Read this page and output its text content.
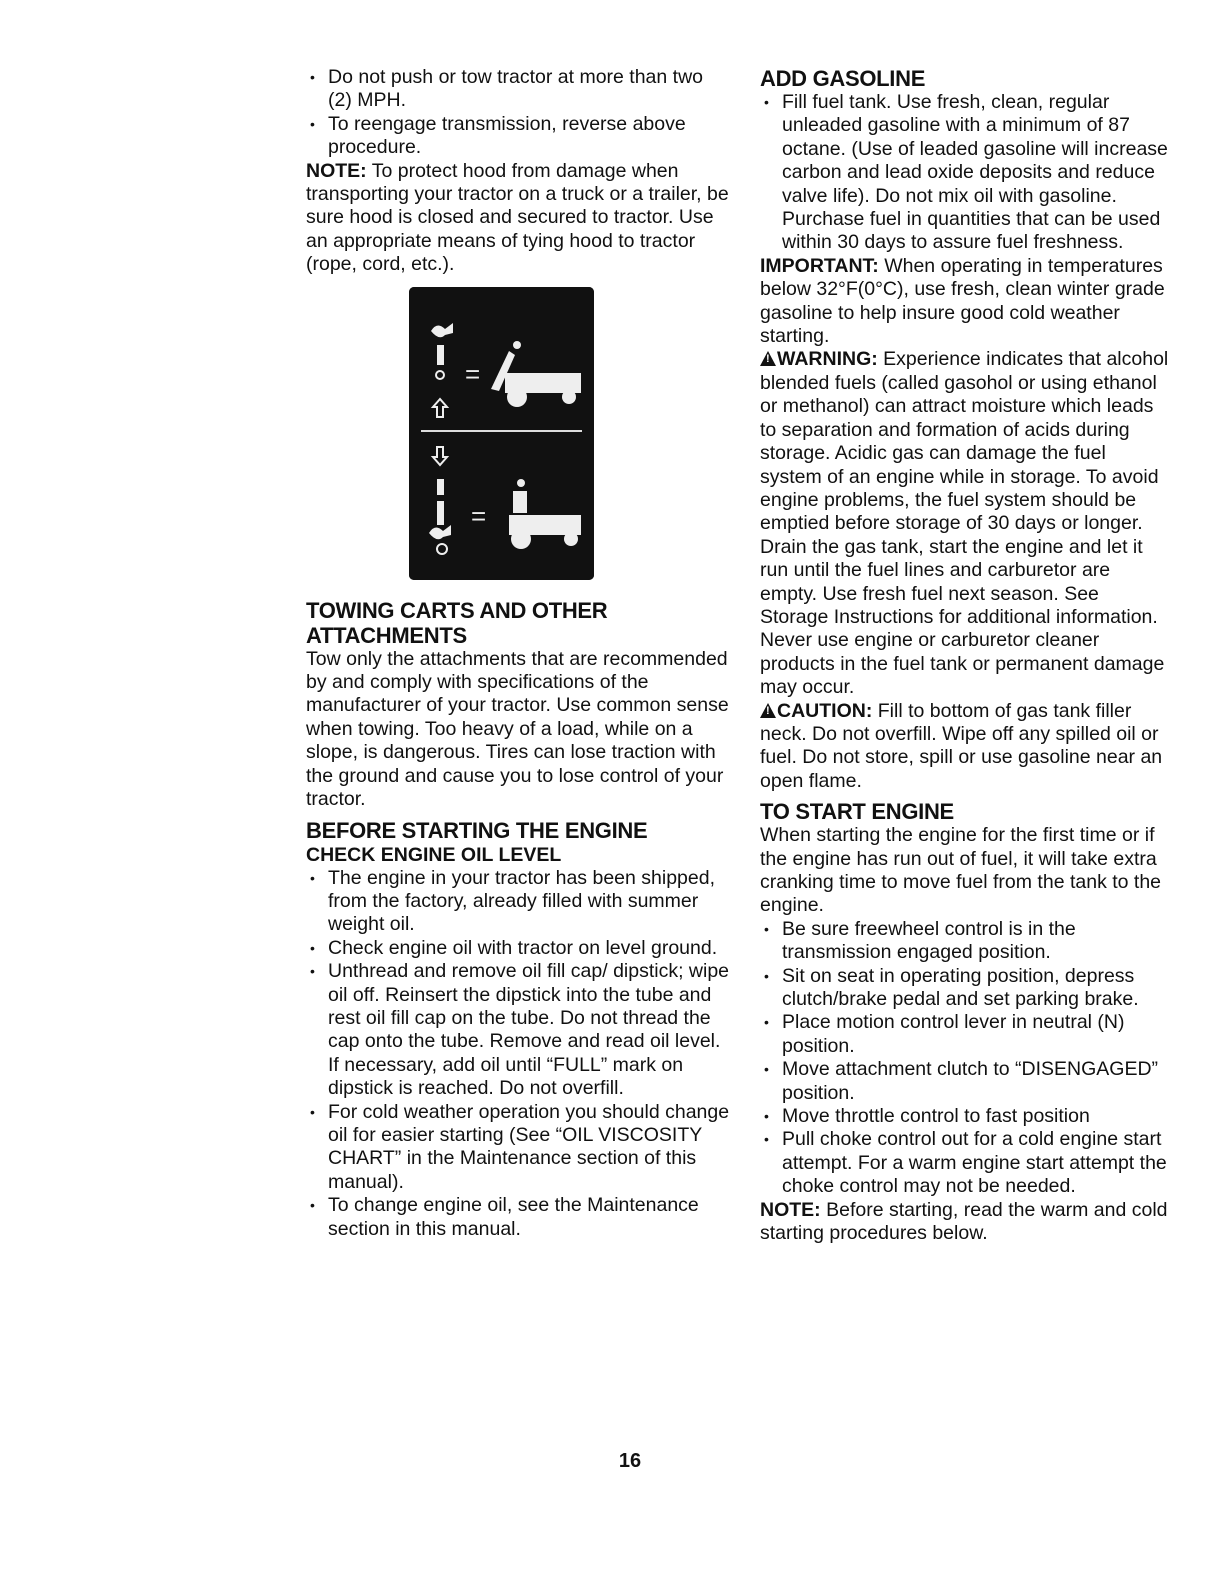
• Do not push or tow tractor at more than two (2) MPH.
• To reengage transmission, reverse above procedure.

NOTE: To protect hood from damage when transporting your tractor on a truck or a trailer, be sure hood is closed and secured to tractor. Use an appropriate means of tying hood to tractor (rope, cord, etc.).

=
=
TOWING CARTS AND OTHER ATTACHMENTS

Tow only the attachments that are recommended by and comply with specifications of the manufacturer of your tractor. Use common sense when towing. Too heavy of a load, while on a slope, is dangerous. Tires can lose traction with the ground and cause you to lose control of your tractor.

BEFORE STARTING THE ENGINE
CHECK ENGINE OIL LEVEL
• The engine in your tractor has been shipped, from the factory, already filled with summer weight oil.
• Check engine oil with tractor on level ground.
• Unthread and remove oil fill cap/ dipstick; wipe oil off. Reinsert the dipstick into the tube and rest oil fill cap on the tube. Do not thread the cap onto the tube. Remove and read oil level. If necessary, add oil until “FULL” mark on dipstick is reached. Do not overfill.
• For cold weather operation you should change oil for easier starting (See “OIL VISCOSITY CHART” in the Maintenance section of this manual).
• To change engine oil, see the Maintenance section in this manual.
ADD GASOLINE
• Fill fuel tank. Use fresh, clean, regular unleaded gasoline with a minimum of 87 octane. (Use of leaded gasoline will increase carbon and lead oxide deposits and reduce valve life). Do not mix oil with gasoline. Purchase fuel in quantities that can be used within 30 days to assure fuel freshness.

IMPORTANT: When operating in temperatures below 32°F(0°C), use fresh, clean winter grade gasoline to help insure good cold weather starting.

!WARNING: Experience indicates that alcohol blended fuels (called gasohol or using ethanol or methanol) can attract moisture which leads to separation and formation of acids during storage. Acidic gas can damage the fuel system of an engine while in storage. To avoid engine problems, the fuel system should be emptied before storage of 30 days or longer. Drain the gas tank, start the engine and let it run until the fuel lines and carburetor are empty. Use fresh fuel next season. See Storage Instructions for additional information. Never use engine or carburetor cleaner products in the fuel tank or permanent damage may occur.

!CAUTION: Fill to bottom of gas tank filler neck. Do not overfill. Wipe off any spilled oil or fuel. Do not store, spill or use gasoline near an open flame.

TO START ENGINE

When starting the engine for the first time or if the engine has run out of fuel, it will take extra cranking time to move fuel from the tank to the engine.

• Be sure freewheel control is in the transmission engaged position.
• Sit on seat in operating position, depress clutch/brake pedal and set parking brake.
• Place motion control lever in neutral (N) position.
• Move attachment clutch to “DISENGAGED” position.
• Move throttle control to fast position
• Pull choke control out for a cold engine start attempt. For a warm engine start attempt the choke control may not be needed.

NOTE: Before starting, read the warm and cold starting procedures below.

16
